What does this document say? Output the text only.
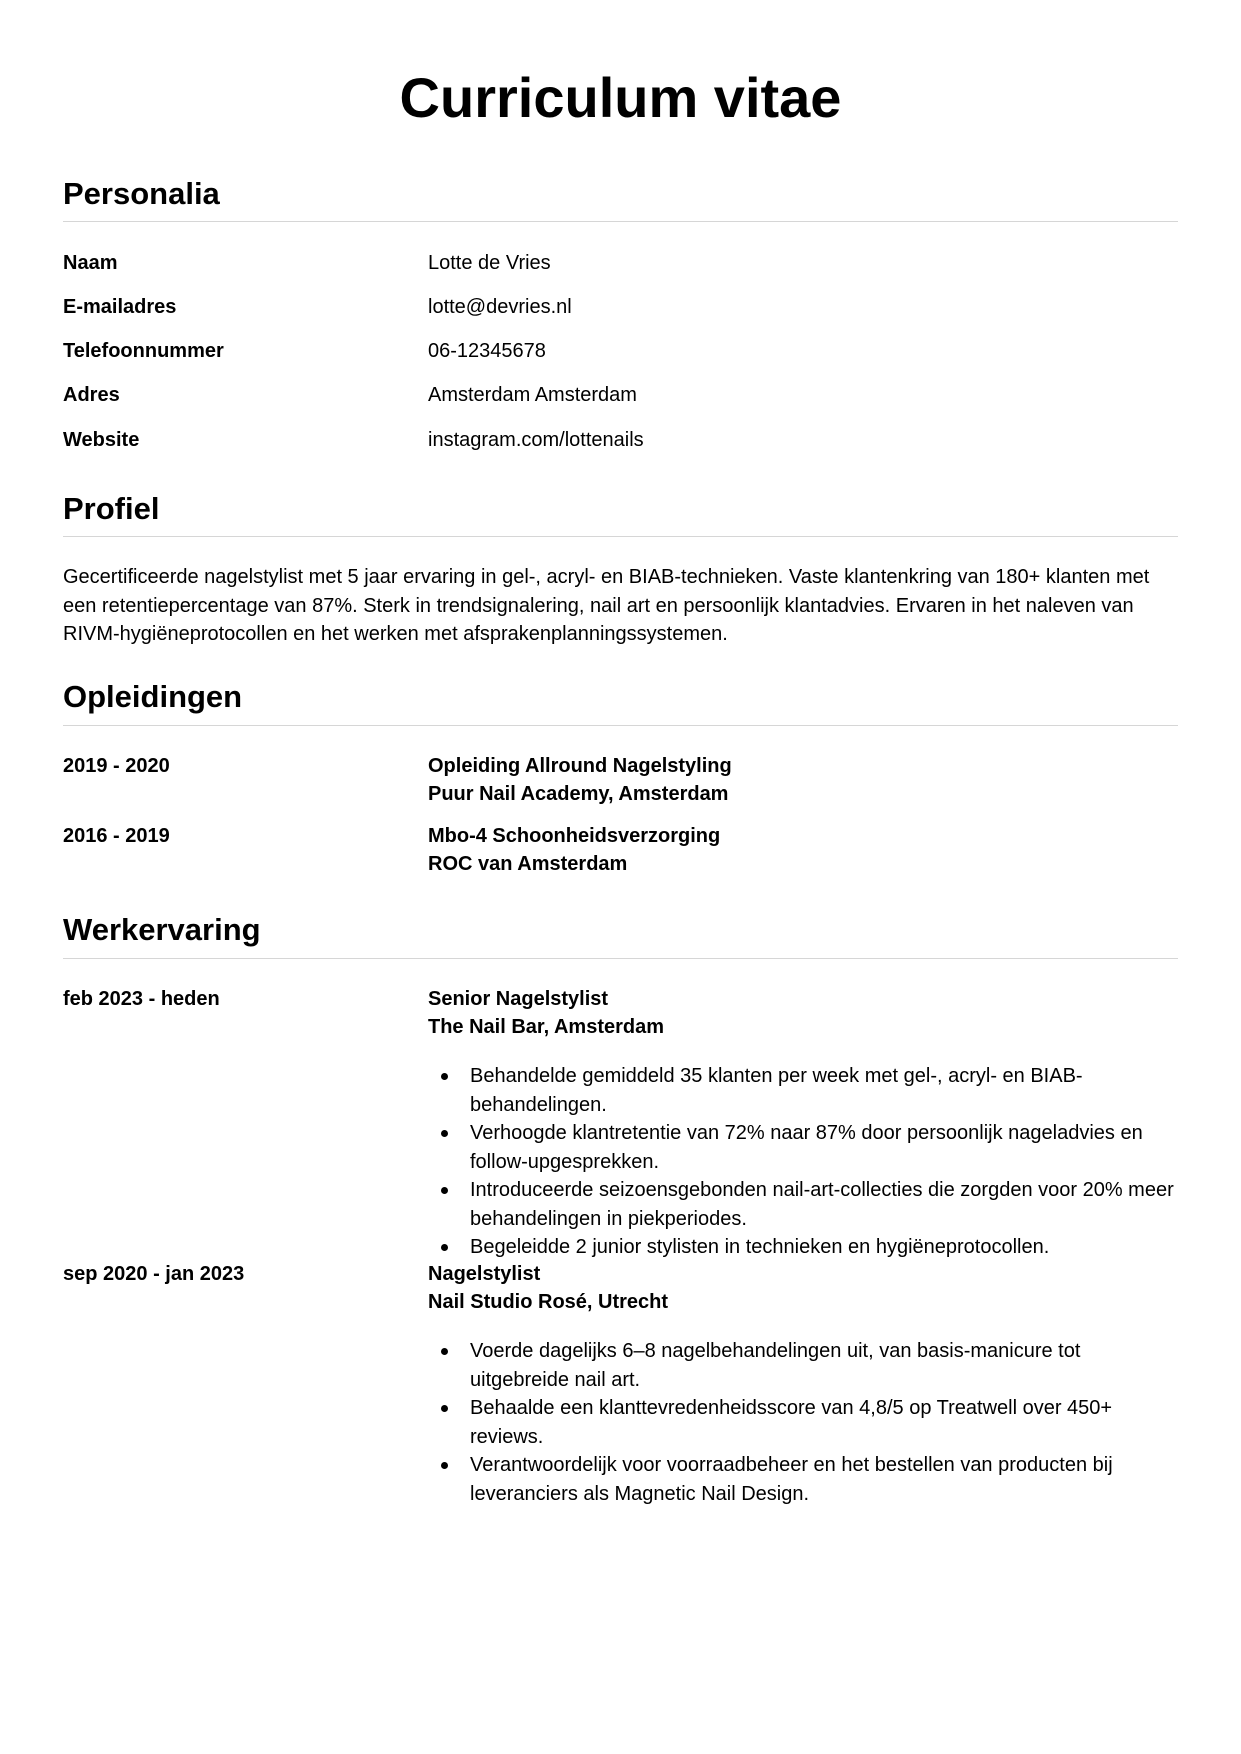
Curriculum vitae
Personalia
Naam	Lotte de Vries
E-mailadres	lotte@devries.nl
Telefoonnummer	06-12345678
Adres	Amsterdam Amsterdam
Website	instagram.com/lottenails
Profiel

Gecertificeerde nagelstylist met 5 jaar ervaring in gel-, acryl- en BIAB-technieken. Vaste klantenkring van 180+ klanten met een retentiepercentage van 87%. Sterk in trendsignalering, nail art en persoonlijk klantadvies. Ervaren in het naleven van RIVM-hygiëneprotocollen en het werken met afsprakenplanningssystemen.

Opleidingen
2019 - 2020	Opleiding Allround Nagelstyling
Puur Nail Academy, Amsterdam
2016 - 2019	Mbo-4 Schoonheidsverzorging
ROC van Amsterdam
Werkervaring
feb 2023 - heden	Senior Nagelstylist
The Nail Bar, Amsterdam
Behandelde gemiddeld 35 klanten per week met gel-, acryl- en BIAB-behandelingen.
Verhoogde klantretentie van 72% naar 87% door persoonlijk nageladvies en follow-upgesprekken.
Introduceerde seizoensgebonden nail-art-collecties die zorgden voor 20% meer behandelingen in piekperiodes.
Begeleidde 2 junior stylisten in technieken en hygiëneprotocollen.
sep 2020 - jan 2023	Nagelstylist
Nail Studio Rosé, Utrecht
Voerde dagelijks 6–8 nagelbehandelingen uit, van basis-manicure tot uitgebreide nail art.
Behaalde een klanttevredenheidsscore van 4,8/5 op Treatwell over 450+ reviews.
Verantwoordelijk voor voorraadbeheer en het bestellen van producten bij leveranciers als Magnetic Nail Design.
